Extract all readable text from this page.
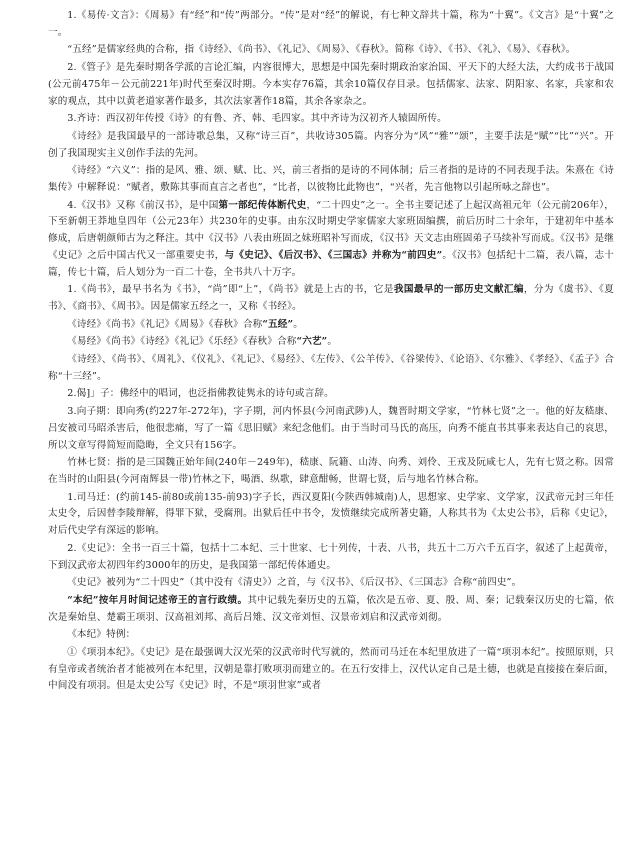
1.《易传·文言》：《周易》有“经”和“传”两部分。“传”是对“经”的解说，有七种文辞共十篇，称为“十翼”。《文言》是“十翼”之一。

“五经”是儒家经典的合称，指《诗经》、《尚书》、《礼记》、《周易》、《春秋》。简称《诗》、《书》、《礼》、《易》、《春秋》。

2.《管子》是先秦时期各学派的言论汇编，内容很博大，思想是中国先秦时期政治家治国、平天下的大经大法，大约成书于战国(公元前475年－公元前221年)时代至秦汉时期。今本实存76篇，其余10篇仅存目录。包括儒家、法家、阴阳家、名家，兵家和农家的观点，其中以黄老道家著作最多，其次法家著作18篇，其余各家杂之。

3.齐诗：西汉初年传授《诗》的有鲁、齐、韩、毛四家。其中齐诗为汉初齐人辕固所传。

《诗经》是我国最早的一部诗歌总集，又称“诗三百”，共收诗305篇。内容分为“风”“雅”“颂”，主要手法是“赋”“比”“兴”。开创了我国现实主义创作手法的先河。

《诗经》“六义”：指的是风、雅、颂、赋、比、兴，前三者指的是诗的不同体制；后三者指的是诗的不同表现手法。朱熹在《诗集传》中解释说：“赋者，敷陈其事而直言之者也”，“比者，以彼物比此物也”，“兴者，先言他物以引起所咏之辞也”。

4.《汉书》又称《前汉书》，是中国第一部纪传体断代史，“二十四史”之一。全书主要记述了上起汉高祖元年（公元前206年），下至新朝王莽地皇四年（公元23年）共230年的史事。由东汉时期史学家儒家大家班固编撰，前后历时二十余年，于建初年中基本修成，后唐朝颜师古为之释注。其中《汉书》八表由班固之妹班昭补写而成，《汉书》天文志由班固弟子马续补写而成。《汉书》是继《史记》之后中国古代又一部重要史书，与《史记》、《后汉书》、《三国志》并称为“前四史”。《汉书》包括纪十二篇，表八篇，志十篇，传七十篇，后人划分为一百二十卷，全书共八十万字。

1.《尚书》，最早书名为《书》，“尚”即“上”，《尚书》就是上古的书，它是我国最早的一部历史文献汇编，分为《虞书》、《夏书》、《商书》、《周书》。因是儒家五经之一，又称《书经》。

《诗经》《尚书》《礼记》《周易》《春秋》合称“五经”。

《易经》《尚书》《诗经》《礼记》《乐经》《春秋》合称“六艺”。

《诗经》、《尚书》、《周礼》、《仪礼》、《礼记》、《易经》、《左传》、《公羊传》、《谷梁传》、《论语》、《尔雅》、《孝经》、《孟子》合称“十三经”。

2.偈]」子：佛经中的唱词，也泛指佛教徒隽永的诗句或言辞。

3.向子期：即向秀(约227年-272年)，字子期，河内怀县(今河南武陟)人，魏晋时期文学家，“竹林七贤”之一。他的好友嵇康、吕安被司马昭杀害后，他很悲痛，写了一篇《思旧赋》来纪念他们。由于当时司马氏的高压，向秀不能直书其事来表达自己的哀思，所以文章写得简短而隐晦，全文只有156字。

竹林七贤：指的是三国魏正始年间(240年－249年)，嵇康、阮籍、山涛、向秀、刘伶、王戎及阮咸七人，先有七贤之称。因常在当时的山阳县(今河南辉县一带)竹林之下，喝酒、纵歌，肆意酣畅，世谓七贤，后与地名竹林合称。

1.司马迁：(约前145-前80或前135-前93)字子长，西汉夏阳(今陕西韩城南)人，思想家、史学家、文学家，汉武帝元封三年任太史令，后因替李陵辩解，得罪下狱，受腐刑。出狱后任中书令，发愤继续完成所著史籍，人称其书为《太史公书》，后称《史记》，对后代史学有深远的影响。

2.《史记》：全书一百三十篇，包括十二本纪、三十世家、七十列传，十表、八书，共五十二万六千五百字，叙述了上起黄帝，下到汉武帝太初四年约3000年的历史，是我国第一部纪传体通史。

《史记》被列为“二十四史”（其中没有《清史》）之首，与《汉书》、《后汉书》、《三国志》合称“前四史”。

“本纪”按年月时间记述帝王的言行政绩。其中记载先秦历史的五篇，依次是五帝、夏、殷、周、秦；记载秦汉历史的七篇，依次是秦始皇、楚霸王项羽、汉高祖刘邦、高后吕雉、汉文帝刘恒、汉景帝刘启和汉武帝刘彻。

《本纪》特例：

①《项羽本纪》。《史记》是在最强调大汉光荣的汉武帝时代写就的，然而司马迁在本纪里放进了一篇“项羽本纪”。按照原则，只有皇帝或者统治者才能被列在本纪里，汉朝是靠打败项羽而建立的。在五行安排上，汉代认定自己是土德，也就是直接接在秦后面，中间没有项羽。但是太史公写《史记》时，不是“项羽世家”或者
